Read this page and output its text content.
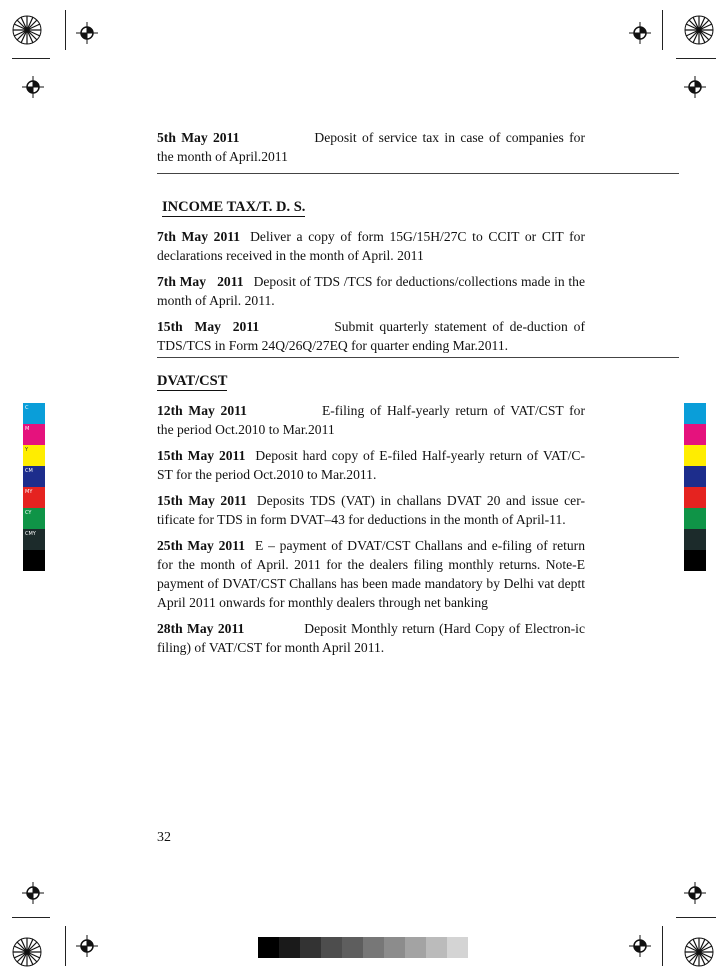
C
M
Y
CM
MY
CY
CMY

5th May 2011	Deposit of service tax in case of companies for the month of April.2011

INCOME TAX/T. D. S.

7th May 2011 Deliver a copy of form 15G/15H/27C to CCIT or CIT for declarations received in the month of April. 2011

7th May   2011 Deposit of TDS /TCS for deductions/collections made in the month of April. 2011.

15th  May  2011	Submit quarterly statement of de-duction of TDS/TCS in Form 24Q/26Q/27EQ for quarter ending Mar.2011.

DVAT/CST

12th May 2011	E-filing of Half-yearly return of VAT/CST for the period Oct.2010 to Mar.2011

15th May 2011 Deposit hard copy of E-filed Half-yearly return of VAT/C-ST for the period Oct.2010 to Mar.2011.

15th May 2011 Deposits TDS (VAT) in challans DVAT 20 and issue cer-tificate for TDS in form DVAT–43 for deductions in the month of April-11.

25th May 2011 E – payment of DVAT/CST Challans and e-filing of return for the month of April. 2011 for the dealers filing monthly returns. Note-E payment of DVAT/CST Challans has been made mandatory by Delhi vat deptt April 2011 onwards for monthly dealers through net banking

28th May 2011	Deposit Monthly return (Hard Copy of Electron-ic filing) of VAT/CST for month April 2011.

32
